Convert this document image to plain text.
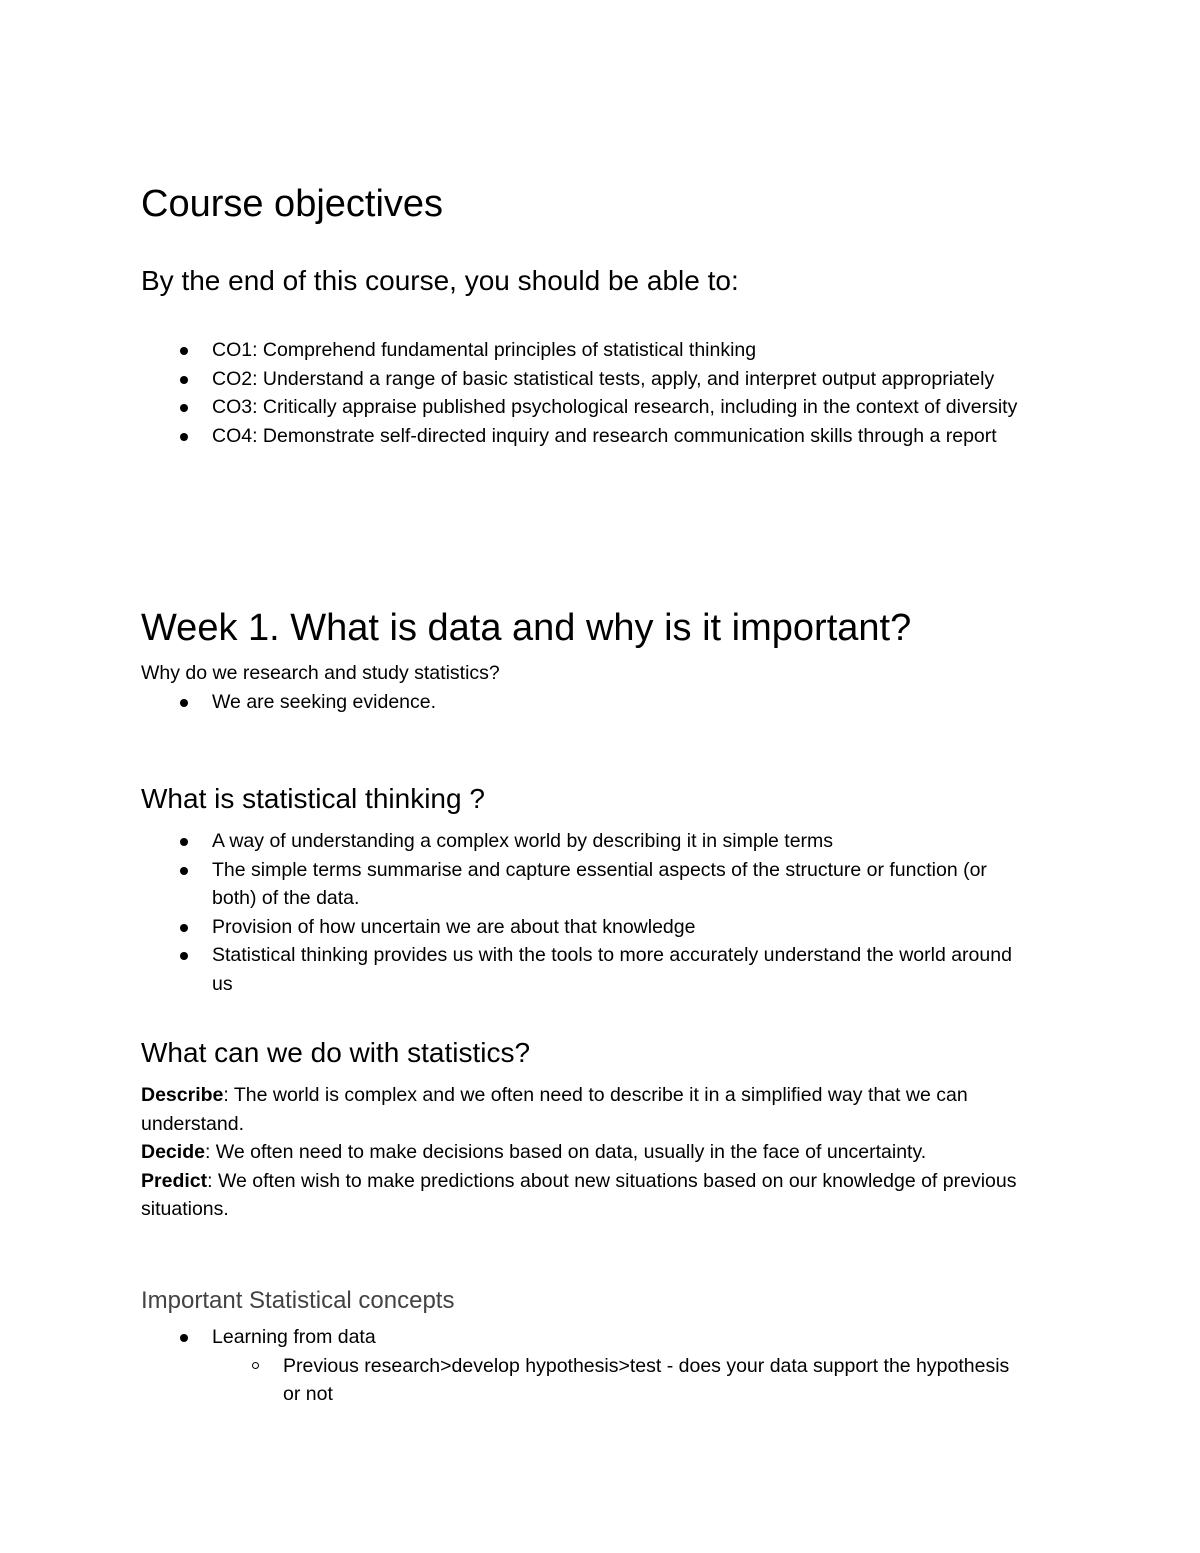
Course objectives
By the end of this course, you should be able to:
CO1: Comprehend fundamental principles of statistical thinking
CO2: Understand a range of basic statistical tests, apply, and interpret output appropriately
CO3: Critically appraise published psychological research, including in the context of diversity
CO4: Demonstrate self-directed inquiry and research communication skills through a report
Week 1. What is data and why is it important?

Why do we research and study statistics?

We are seeking evidence.
What is statistical thinking ?
A way of understanding a complex world by describing it in simple terms
The simple terms summarise and capture essential aspects of the structure or function (or both) of the data.
Provision of how uncertain we are about that knowledge
Statistical thinking provides us with the tools to more accurately understand the world around us
What can we do with statistics?
Describe: The world is complex and we often need to describe it in a simplified way that we can understand.
Decide: We often need to make decisions based on data, usually in the face of uncertainty.
Predict: We often wish to make predictions about new situations based on our knowledge of previous situations.
Important Statistical concepts
Learning from data
Previous research>develop hypothesis>test - does your data support the hypothesis or not
